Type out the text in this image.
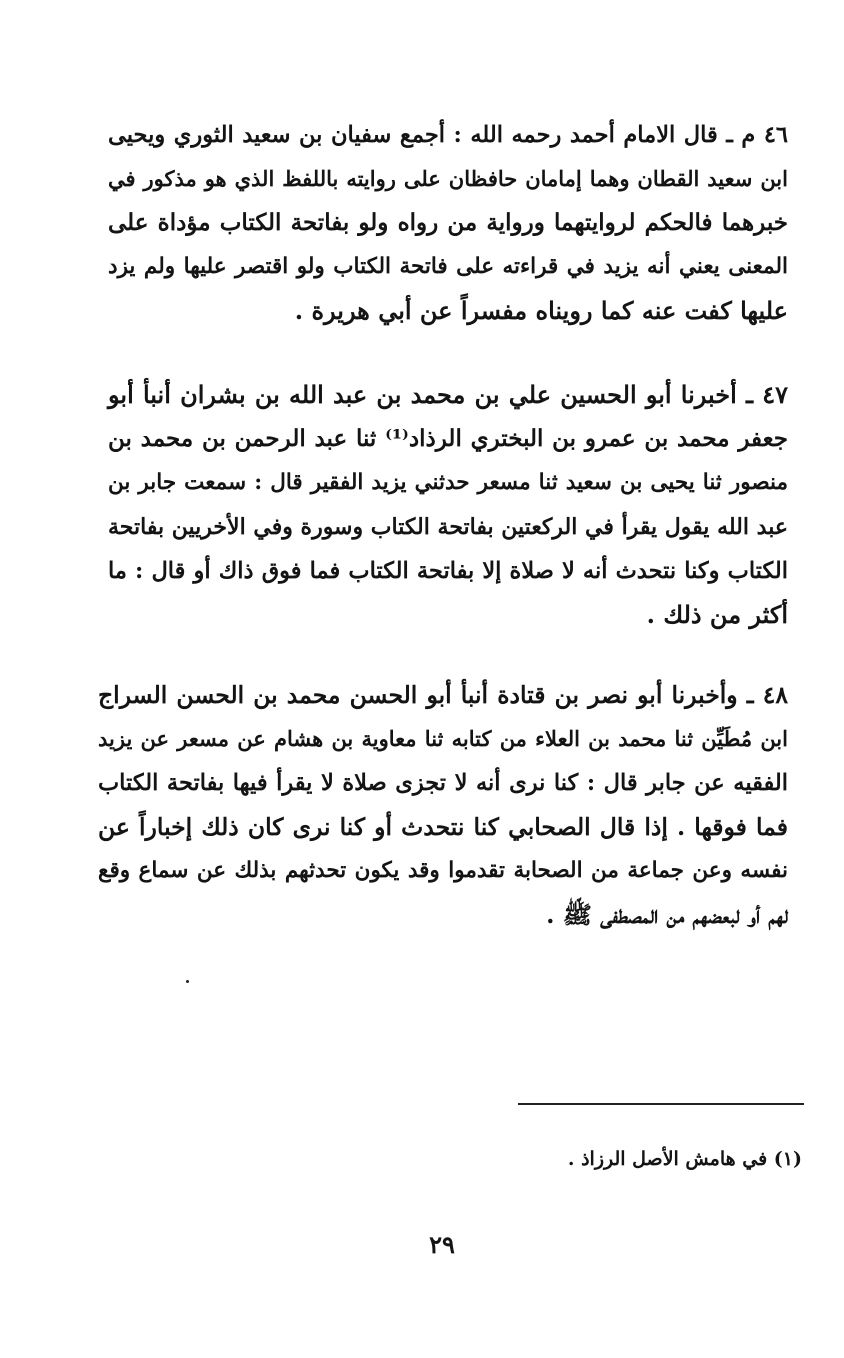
٤٦ م ـ قال الامام أحمد رحمه الله : أجمع سفيان بن سعيد الثوري ويحيى
ابن سعيد القطان وهما إمامان حافظان على روايته باللفظ الذي هو مذكور في
خبرهما فالحكم لروايتهما ورواية من رواه ولو بفاتحة الكتاب مؤداة على
المعنى يعني أنه يزيد في قراءته على فاتحة الكتاب ولو اقتصر عليها ولم يزد
عليها كفت عنه كما رويناه مفسراً عن أبي هريرة .
٤٧ ـ أخبرنا أبو الحسين علي بن محمد بن عبد الله بن بشران أنبأ أبو
جعفر محمد بن عمرو بن البختري الرذاد⁽¹⁾ ثنا عبد الرحمن بن محمد بن
منصور ثنا يحيى بن سعيد ثنا مسعر حدثني يزيد الفقير قال : سمعت جابر بن
عبد الله يقول يقرأ في الركعتين بفاتحة الكتاب وسورة وفي الأخريين بفاتحة
الكتاب وكنا نتحدث أنه لا صلاة إلا بفاتحة الكتاب فما فوق ذاك أو قال : ما
أكثر من ذلك .
٤٨ ـ وأخبرنا أبو نصر بن قتادة أنبأ أبو الحسن محمد بن الحسن السراج
ابن مُطَيِّن ثنا محمد بن العلاء من كتابه ثنا معاوية بن هشام عن مسعر عن يزيد
الفقيه عن جابر قال : كنا نرى أنه لا تجزى صلاة لا يقرأ فيها بفاتحة الكتاب
فما فوقها . إذا قال الصحابي كنا نتحدث أو كنا نرى كان ذلك إخباراً عن
نفسه وعن جماعة من الصحابة تقدموا وقد يكون تحدثهم بذلك عن سماع وقع
لهم أو لبعضهم من المصطفى ﷺ .
(١) في هامش الأصل الرزاذ .
٢٩
